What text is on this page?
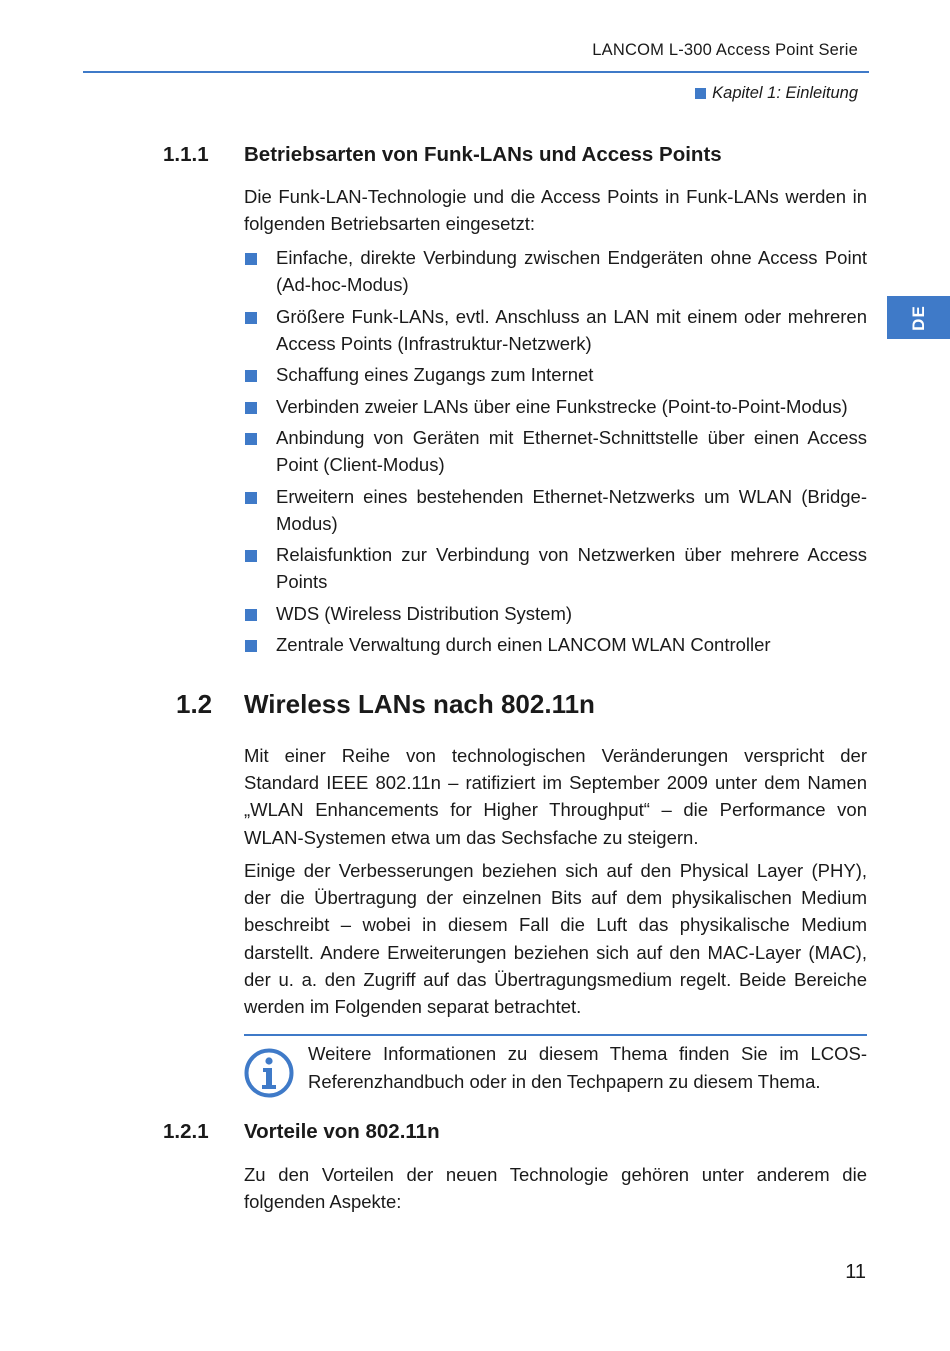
LANCOM L-300 Access Point Serie
Kapitel 1: Einleitung
DE
1.1.1 Betriebsarten von Funk-LANs und Access Points

Die Funk-LAN-Technologie und die Access Points in Funk-LANs werden in folgenden Betriebsarten eingesetzt:

Einfache, direkte Verbindung zwischen Endgeräten ohne Access Point (Ad-hoc-Modus)
Größere Funk-LANs, evtl. Anschluss an LAN mit einem oder mehreren Access Points (Infrastruktur-Netzwerk)
Schaffung eines Zugangs zum Internet
Verbinden zweier LANs über eine Funkstrecke (Point-to-Point-Modus)
Anbindung von Geräten mit Ethernet-Schnittstelle über einen Access Point (Client-Modus)
Erweitern eines bestehenden Ethernet-Netzwerks um WLAN (Bridge-Modus)
Relaisfunktion zur Verbindung von Netzwerken über mehrere Access Points
WDS (Wireless Distribution System)
Zentrale Verwaltung durch einen LANCOM WLAN Controller
1.2 Wireless LANs nach 802.11n

Mit einer Reihe von technologischen Veränderungen verspricht der Standard IEEE 802.11n – ratifiziert im September 2009 unter dem Namen „WLAN Enhancements for Higher Throughput“ – die Performance von WLAN-Systemen etwa um das Sechsfache zu steigern.

Einige der Verbesserungen beziehen sich auf den Physical Layer (PHY), der die Übertragung der einzelnen Bits auf dem physikalischen Medium beschreibt – wobei in diesem Fall die Luft das physikalische Medium darstellt. Andere Erweiterungen beziehen sich auf den MAC-Layer (MAC), der u. a. den Zugriff auf das Übertragungsmedium regelt. Beide Bereiche werden im Folgenden separat betrachtet.

Weitere Informationen zu diesem Thema finden Sie im LCOS-Referenzhandbuch oder in den Techpapern zu diesem Thema.

1.2.1 Vorteile von 802.11n

Zu den Vorteilen der neuen Technologie gehören unter anderem die folgenden Aspekte:

11
